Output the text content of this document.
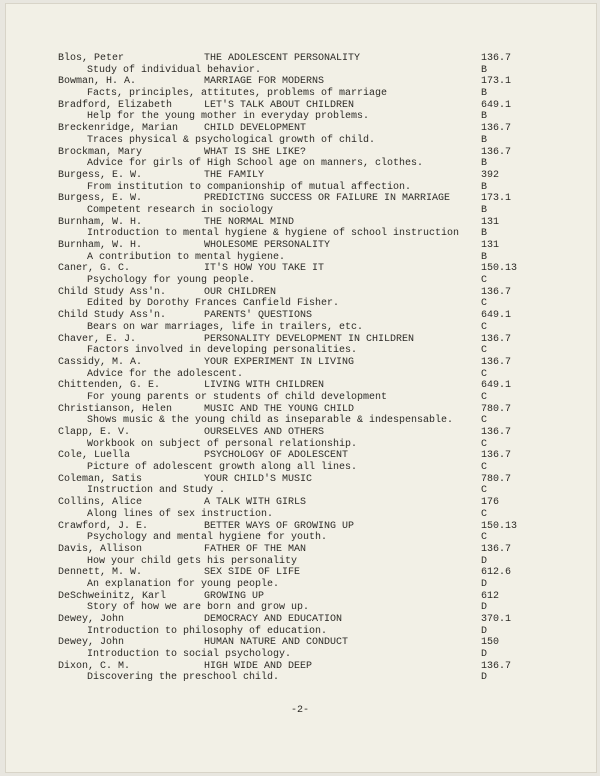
Blos, Peter	THE ADOLESCENT PERSONALITY	136.7
Study of individual behavior.	B
Bowman, H. A.	MARRIAGE FOR MODERNS	173.1
Facts, principles, attitutes, problems of marriage	B
Bradford, Elizabeth	LET'S TALK ABOUT CHILDREN	649.1
Help for the young mother in everyday problems.	B
Breckenridge, Marian	CHILD DEVELOPMENT	136.7
Traces physical & psychological growth of child.	B
Brockman, Mary	WHAT IS SHE LIKE?	136.7
Advice for girls of High School age on manners, clothes.	B
Burgess, E. W.	THE FAMILY	392
From institution to companionship of mutual affection.	B
Burgess, E. W.	PREDICTING SUCCESS OR FAILURE IN MARRIAGE	173.1
Competent research in sociology	B
Burnham, W. H.	THE NORMAL MIND	131
Introduction to mental hygiene & hygiene of school instruction B
Burnham, W. H.	WHOLESOME PERSONALITY	131
A contribution to mental hygiene.	B
Caner, G. C.	IT'S HOW YOU TAKE IT	150.13
Psychology for young people.	C
Child Study Ass'n.	OUR CHILDREN	136.7
Edited by Dorothy Frances Canfield Fisher.	C
Child Study Ass'n.	PARENTS' QUESTIONS	649.1
Bears on war marriages, life in trailers, etc.	C
Chaver, E. J.	PERSONALITY DEVELOPMENT IN CHILDREN	136.7
Factors involved in developing personalities.	C
Cassidy, M. A.	YOUR EXPERIMENT IN LIVING	136.7
Advice for the adolescent.	C
Chittenden, G. E.	LIVING WITH CHILDREN	649.1
For young parents or students of child development	C
Christianson, Helen	MUSIC AND THE YOUNG CHILD	780.7
Shows music & the young child as inseparable & indespensable.	C
Clapp, E. V.	OURSELVES AND OTHERS	136.7
Workbook on subject of personal relationship.	C
Cole, Luella	PSYCHOLOGY OF ADOLESCENT	136.7
Picture of adolescent growth along all lines.	C
Coleman, Satis	YOUR CHILD'S MUSIC	780.7
Instruction and Study .	C
Collins, Alice	A TALK WITH GIRLS	176
Along lines of sex instruction.	C
Crawford, J. E.	BETTER WAYS OF GROWING UP	150.13
Psychology and mental hygiene for youth.	C
Davis, Allison	FATHER OF THE MAN	136.7
How your child gets his personality	D
Dennett, M. W.	SEX SIDE OF LIFE	612.6
An explanation for young people.	D
DeSchweinitz, Karl	GROWING UP	612
Story of how we are born and grow up.	D
Dewey, John	DEMOCRACY AND EDUCATION	370.1
Introduction to philosophy of education.	D
Dewey, John	HUMAN NATURE AND CONDUCT	150
Introduction to social psychology.	D
Dixon, C. M.	HIGH WIDE AND DEEP	136.7
Discovering the preschool child.	D
-2-
